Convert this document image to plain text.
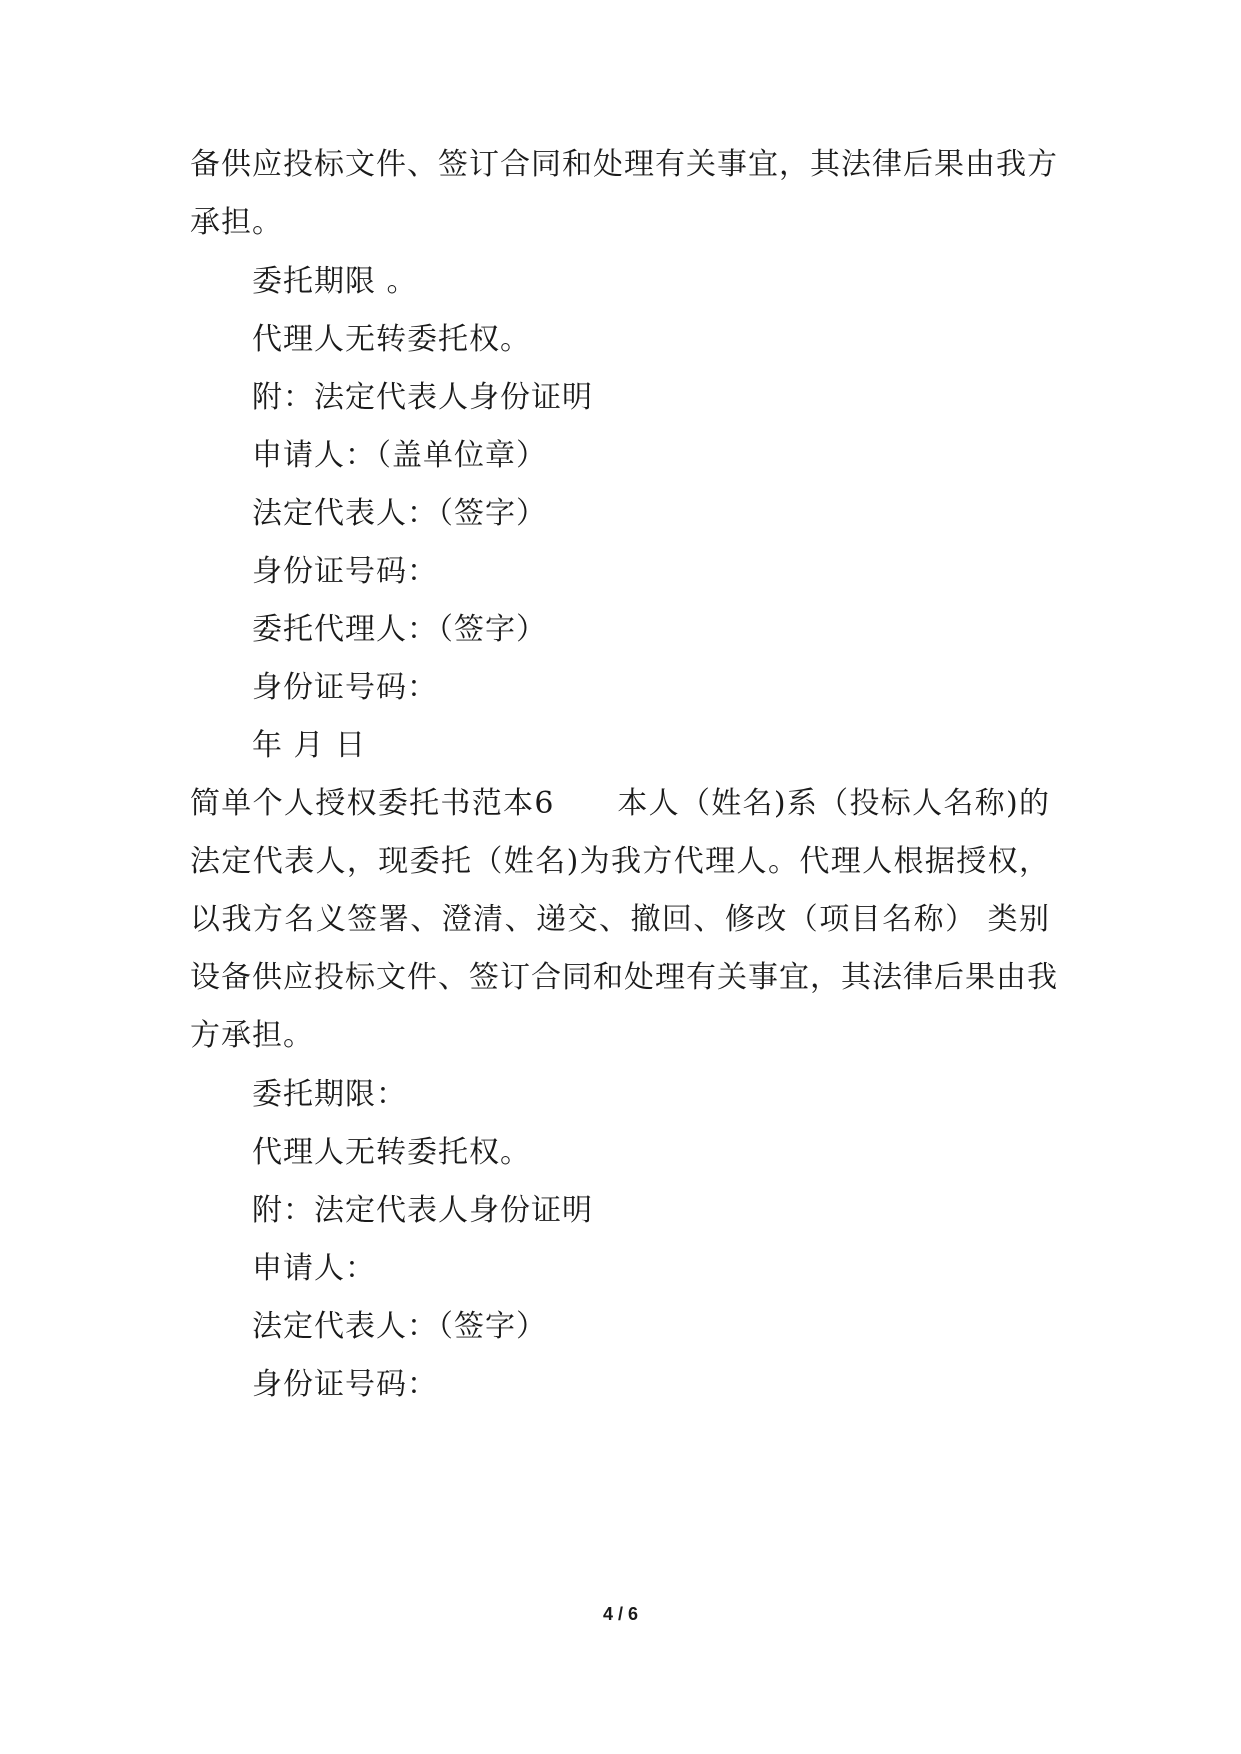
备供应投标文件、签订合同和处理有关事宜，其法律后果由我方
承担。
委托期限 。
代理人无转委托权。
附：法定代表人身份证明
申请人：（盖单位章）
法定代表人：（签字）
身份证号码：
委托代理人：（签字）
身份证号码：
年 月 日
简单个人授权委托书范本6　　本人（姓名)系（投标人名称)的
法定代表人，现委托（姓名)为我方代理人。代理人根据授权，
以我方名义签署、澄清、递交、撤回、修改（项目名称） 类别
设备供应投标文件、签订合同和处理有关事宜，其法律后果由我
方承担。
委托期限：
代理人无转委托权。
附：法定代表人身份证明
申请人：
法定代表人：（签字）
身份证号码：
4 / 6
